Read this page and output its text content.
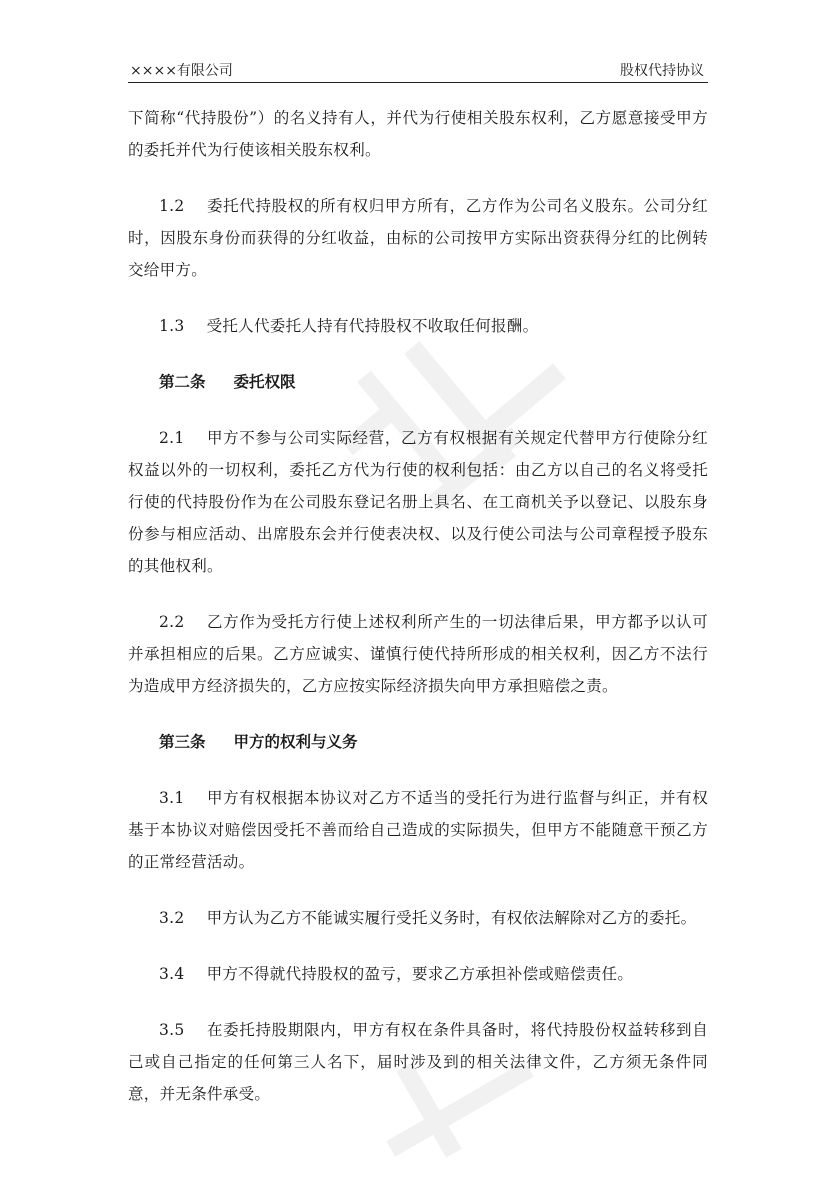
××××有限公司	股权代持协议

下简称“代持股份”）的名义持有人，并代为行使相关股东权利，乙方愿意接受甲方的委托并代为行使该相关股东权利。

1.2 委托代持股权的所有权归甲方所有，乙方作为公司名义股东。公司分红时，因股东身份而获得的分红收益，由标的公司按甲方实际出资获得分红的比例转交给甲方。

1.3 受托人代委托人持有代持股权不收取任何报酬。

第二条 委托权限

2.1 甲方不参与公司实际经营，乙方有权根据有关规定代替甲方行使除分红权益以外的一切权利，委托乙方代为行使的权利包括：由乙方以自己的名义将受托行使的代持股份作为在公司股东登记名册上具名、在工商机关予以登记、以股东身份参与相应活动、出席股东会并行使表决权、以及行使公司法与公司章程授予股东的其他权利。

2.2 乙方作为受托方行使上述权利所产生的一切法律后果，甲方都予以认可并承担相应的后果。乙方应诚实、谨慎行使代持所形成的相关权利，因乙方不法行为造成甲方经济损失的，乙方应按实际经济损失向甲方承担赔偿之责。

第三条 甲方的权利与义务

3.1 甲方有权根据本协议对乙方不适当的受托行为进行监督与纠正，并有权基于本协议对赔偿因受托不善而给自己造成的实际损失，但甲方不能随意干预乙方的正常经营活动。

3.2 甲方认为乙方不能诚实履行受托义务时，有权依法解除对乙方的委托。

3.4 甲方不得就代持股权的盈亏，要求乙方承担补偿或赔偿责任。

3.5 在委托持股期限内，甲方有权在条件具备时，将代持股份权益转移到自己或自己指定的任何第三人名下，届时涉及到的相关法律文件，乙方须无条件同意，并无条件承受。
